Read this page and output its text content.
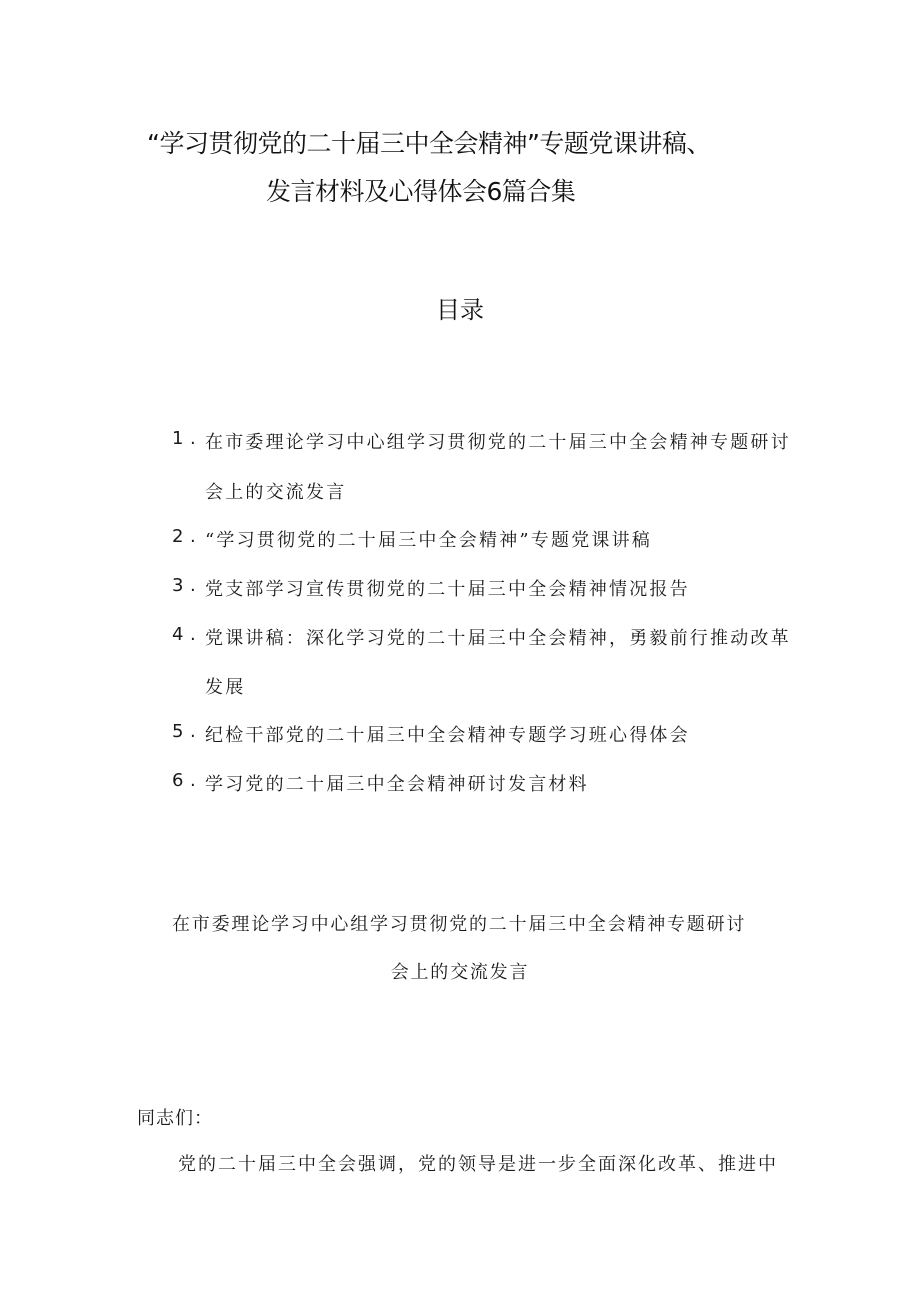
“学习贯彻党的二十届三中全会精神”专题党课讲稿、
发言材料及心得体会6篇合集
目录
1 . 在市委理论学习中心组学习贯彻党的二十届三中全会精神专题研讨
会上的交流发言
2 . “学习贯彻党的二十届三中全会精神”专题党课讲稿
3 . 党支部学习宣传贯彻党的二十届三中全会精神情况报告
4 . 党课讲稿：深化学习党的二十届三中全会精神，勇毅前行推动改革
发展
5 . 纪检干部党的二十届三中全会精神专题学习班心得体会
6 . 学习党的二十届三中全会精神研讨发言材料
在市委理论学习中心组学习贯彻党的二十届三中全会精神专题研讨
会上的交流发言
同志们：
党的二十届三中全会强调，党的领导是进一步全面深化改革、推进中
